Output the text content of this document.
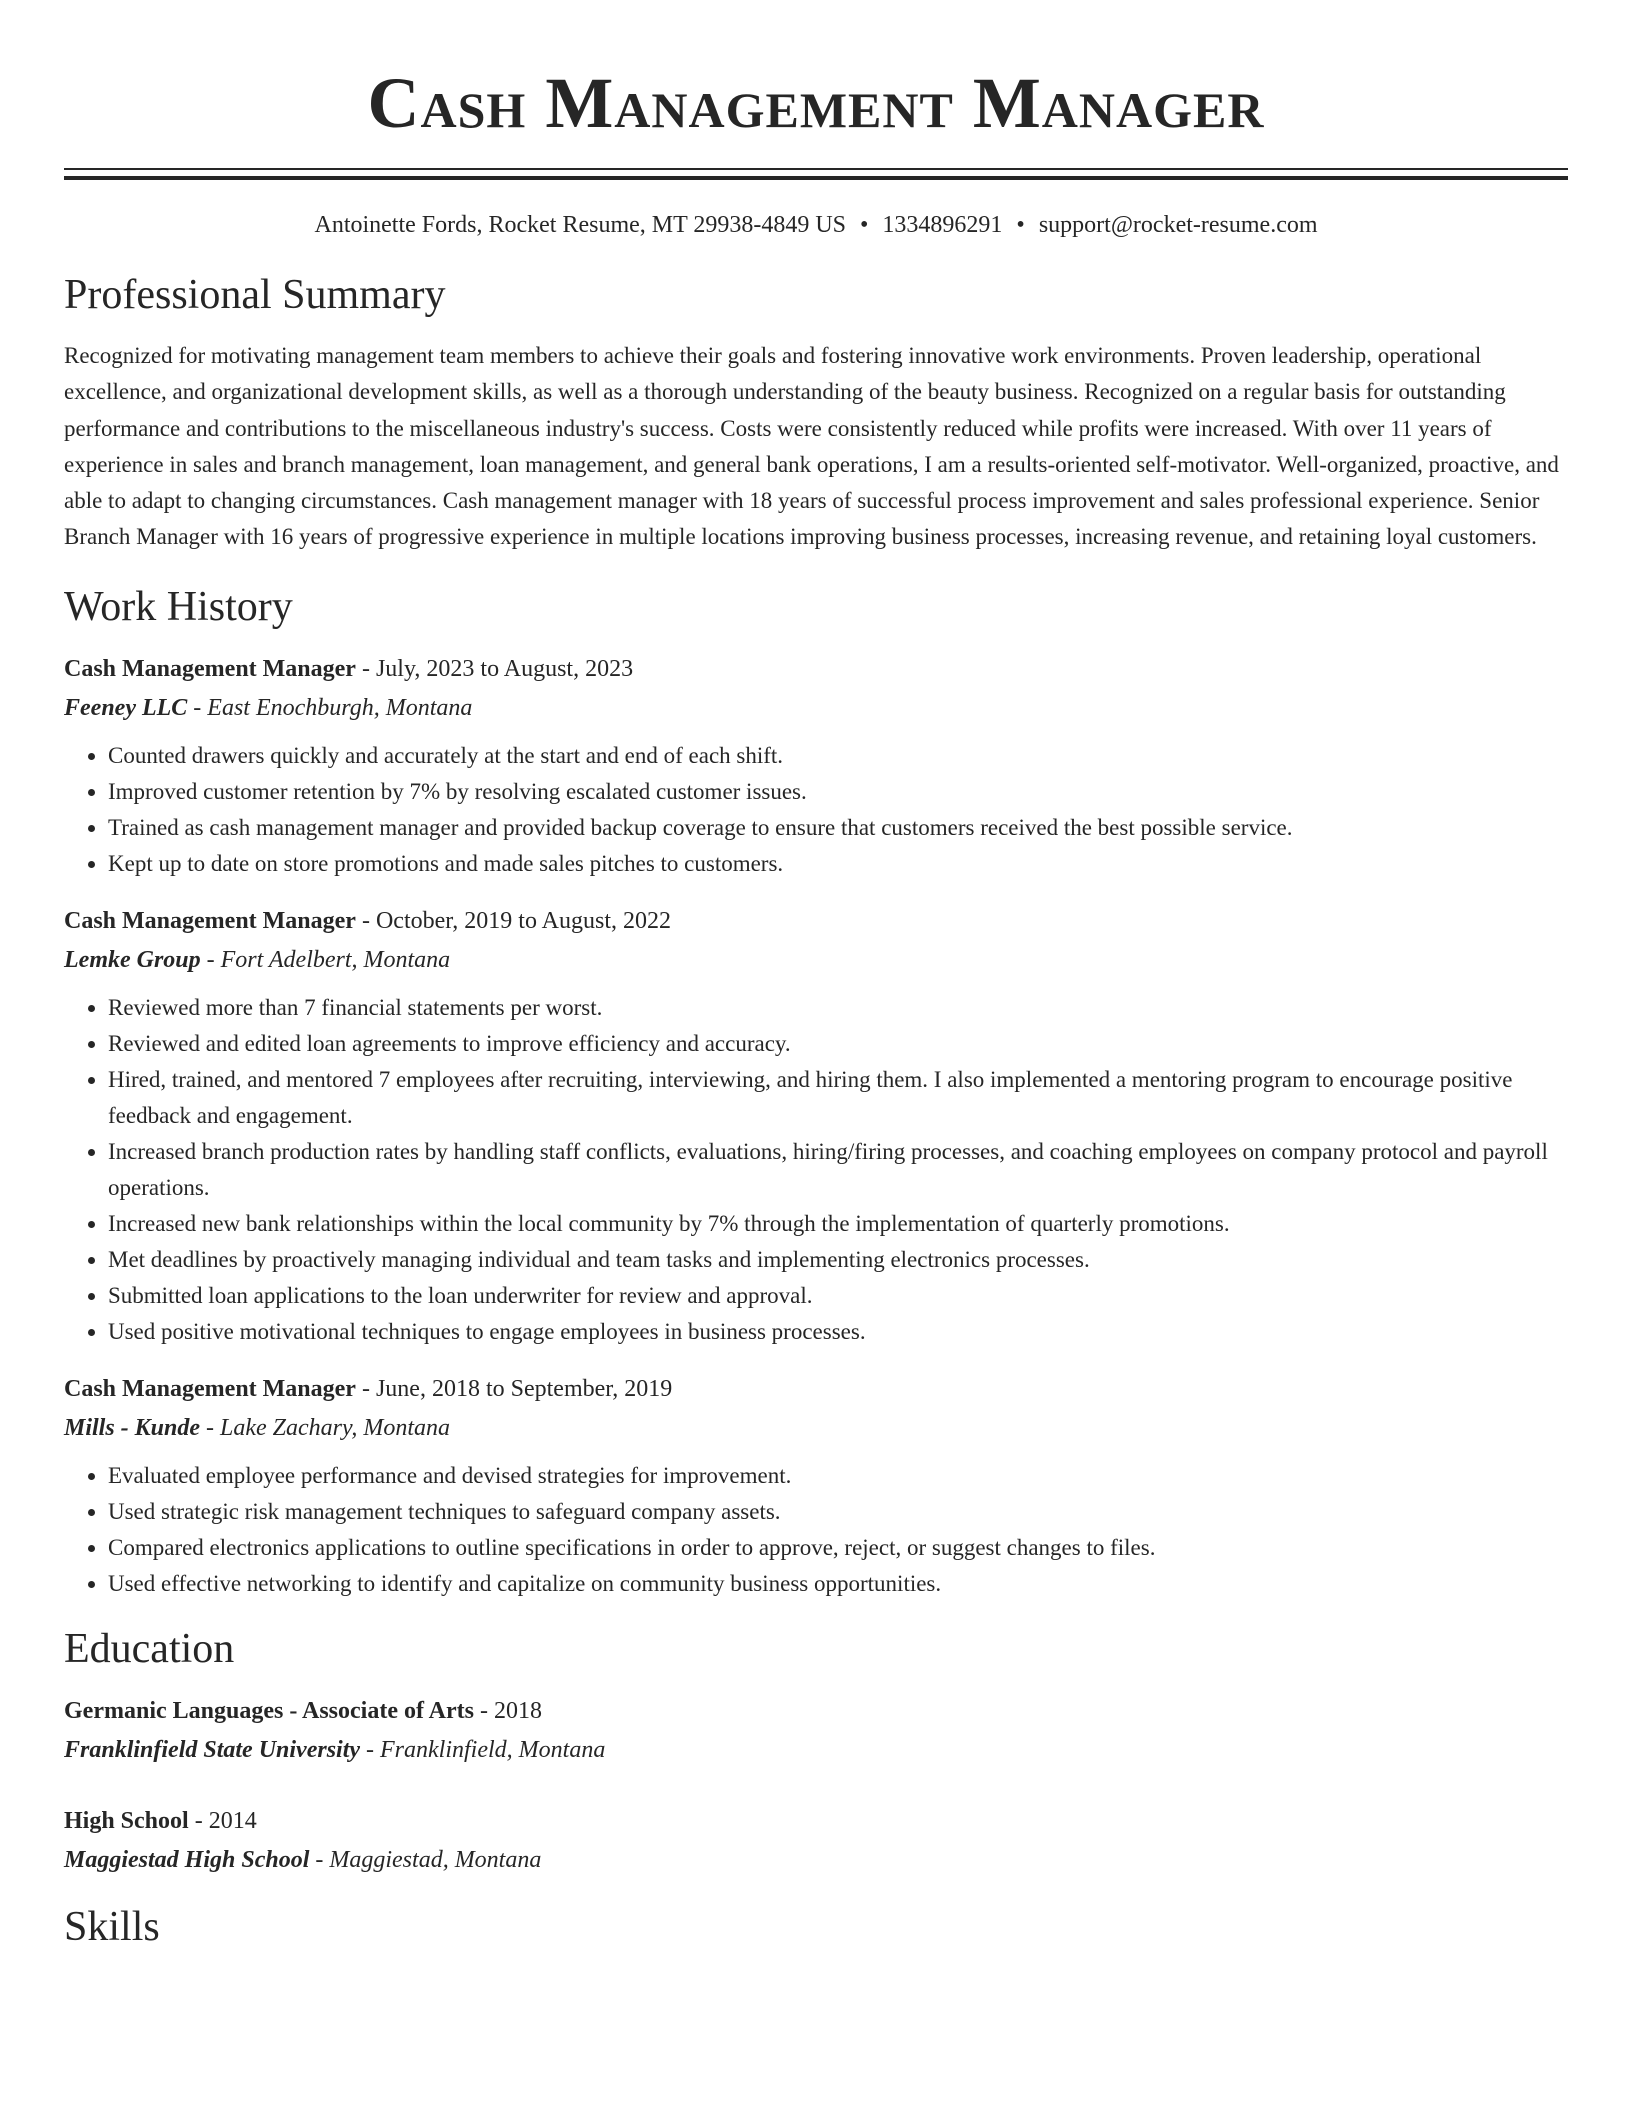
Cash Management Manager
Antoinette Fords, Rocket Resume, MT 29938-4849 US • 1334896291 • support@rocket-resume.com
Professional Summary
Recognized for motivating management team members to achieve their goals and fostering innovative work environments. Proven leadership, operational excellence, and organizational development skills, as well as a thorough understanding of the beauty business. Recognized on a regular basis for outstanding performance and contributions to the miscellaneous industry's success. Costs were consistently reduced while profits were increased. With over 11 years of experience in sales and branch management, loan management, and general bank operations, I am a results-oriented self-motivator. Well-organized, proactive, and able to adapt to changing circumstances. Cash management manager with 18 years of successful process improvement and sales professional experience. Senior Branch Manager with 16 years of progressive experience in multiple locations improving business processes, increasing revenue, and retaining loyal customers.
Work History
Cash Management Manager - July, 2023 to August, 2023
Feeney LLC - East Enochburgh, Montana
• Counted drawers quickly and accurately at the start and end of each shift.
• Improved customer retention by 7% by resolving escalated customer issues.
• Trained as cash management manager and provided backup coverage to ensure that customers received the best possible service.
• Kept up to date on store promotions and made sales pitches to customers.
Cash Management Manager - October, 2019 to August, 2022
Lemke Group - Fort Adelbert, Montana
• Reviewed more than 7 financial statements per worst.
• Reviewed and edited loan agreements to improve efficiency and accuracy.
• Hired, trained, and mentored 7 employees after recruiting, interviewing, and hiring them. I also implemented a mentoring program to encourage positive feedback and engagement.
• Increased branch production rates by handling staff conflicts, evaluations, hiring/firing processes, and coaching employees on company protocol and payroll operations.
• Increased new bank relationships within the local community by 7% through the implementation of quarterly promotions.
• Met deadlines by proactively managing individual and team tasks and implementing electronics processes.
• Submitted loan applications to the loan underwriter for review and approval.
• Used positive motivational techniques to engage employees in business processes.
Cash Management Manager - June, 2018 to September, 2019
Mills - Kunde - Lake Zachary, Montana
• Evaluated employee performance and devised strategies for improvement.
• Used strategic risk management techniques to safeguard company assets.
• Compared electronics applications to outline specifications in order to approve, reject, or suggest changes to files.
• Used effective networking to identify and capitalize on community business opportunities.
Education
Germanic Languages - Associate of Arts - 2018
Franklinfield State University - Franklinfield, Montana
High School - 2014
Maggiestad High School - Maggiestad, Montana
Skills
